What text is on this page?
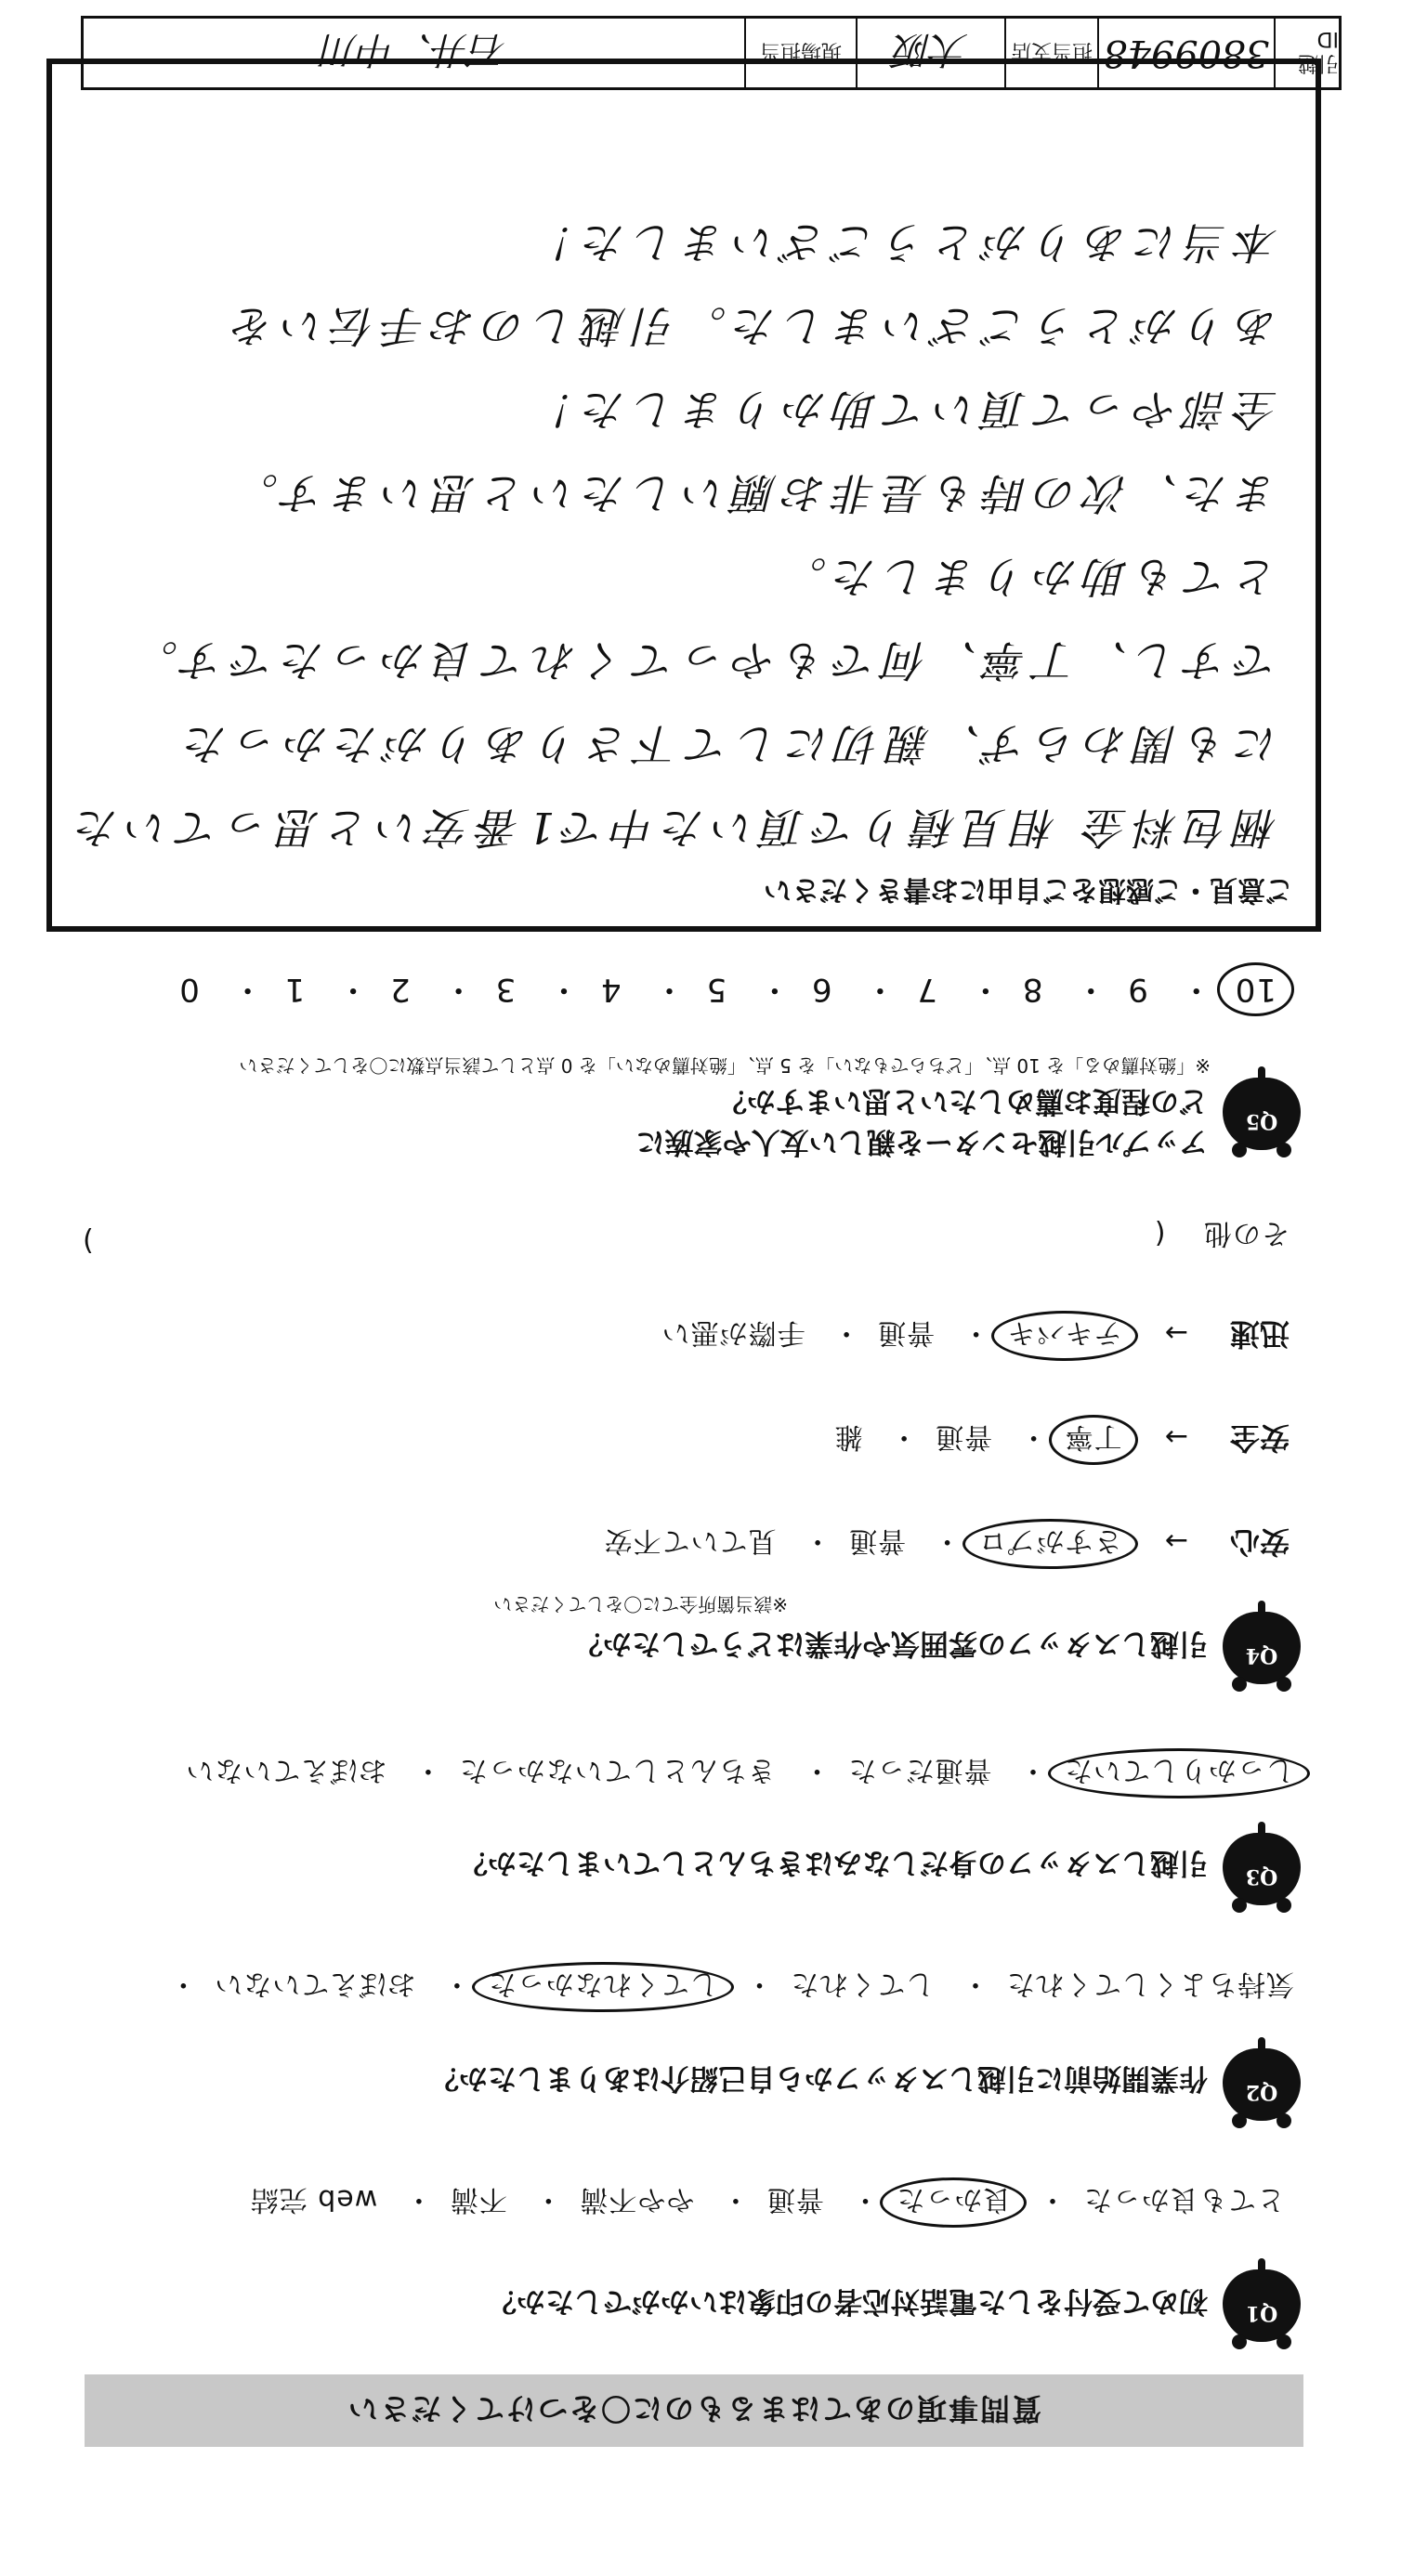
質問事項のあてはまるものに〇をつけてください
Q1
初めて受付をした電話対応者の印象はいかがでしたか？
とても良かった・ 良かった・ 普通・ やや不満・ 不満・ web 完結
Q2
作業開始前に引越しスタッフから自己紹介はありましたか？
気持ちよくしてくれた・ してくれた・ してくれなかった・ おぼえていない・
Q3
引越しスタッフの身だしなみはきちんとしていましたか？
しっかりしていた・ 普通だった・ きちんとしていなかった・ おぼえていない
Q4
引越しスタッフの雰囲気や作業はどうでしたか？
※該当箇所全てに〇をしてください
安心 → さすがプロ・ 普通・ 見ていて不安
安全 → 丁寧・ 普通・ 雑
迅速 → テキパキ・ 普通・ 手際が悪い
その他 (
)
Q5
アップル引越センターを親しい友人や家族に
どの程度お薦めしたいと思いますか？
※「絶対薦める」を 10 点、「どちらでもない」を 5 点、「絶対薦めない」を 0 点として該当点数に〇をしてください
10・ 9・ 8・ 7・ 6・ 5・ 4・ 3・ 2・ 1・ 0
ご意見・ご感想をご自由にお書きください
梱包料金 相見積りで頂いた中で1番安いと思っていた
にも関わらず、親切にして下さりありがたかった
ですし、丁寧、何でもやってくれて良かったです。
とても助かりました。
また、次の時も是非お願いしたいと思います。
全部やって頂いて助かりました！
ありがとうございました。引越しのお手伝いを
本当にありがとうございました！
引越 ID
3809948
担当支店
大阪
現場担当
石井、中川
